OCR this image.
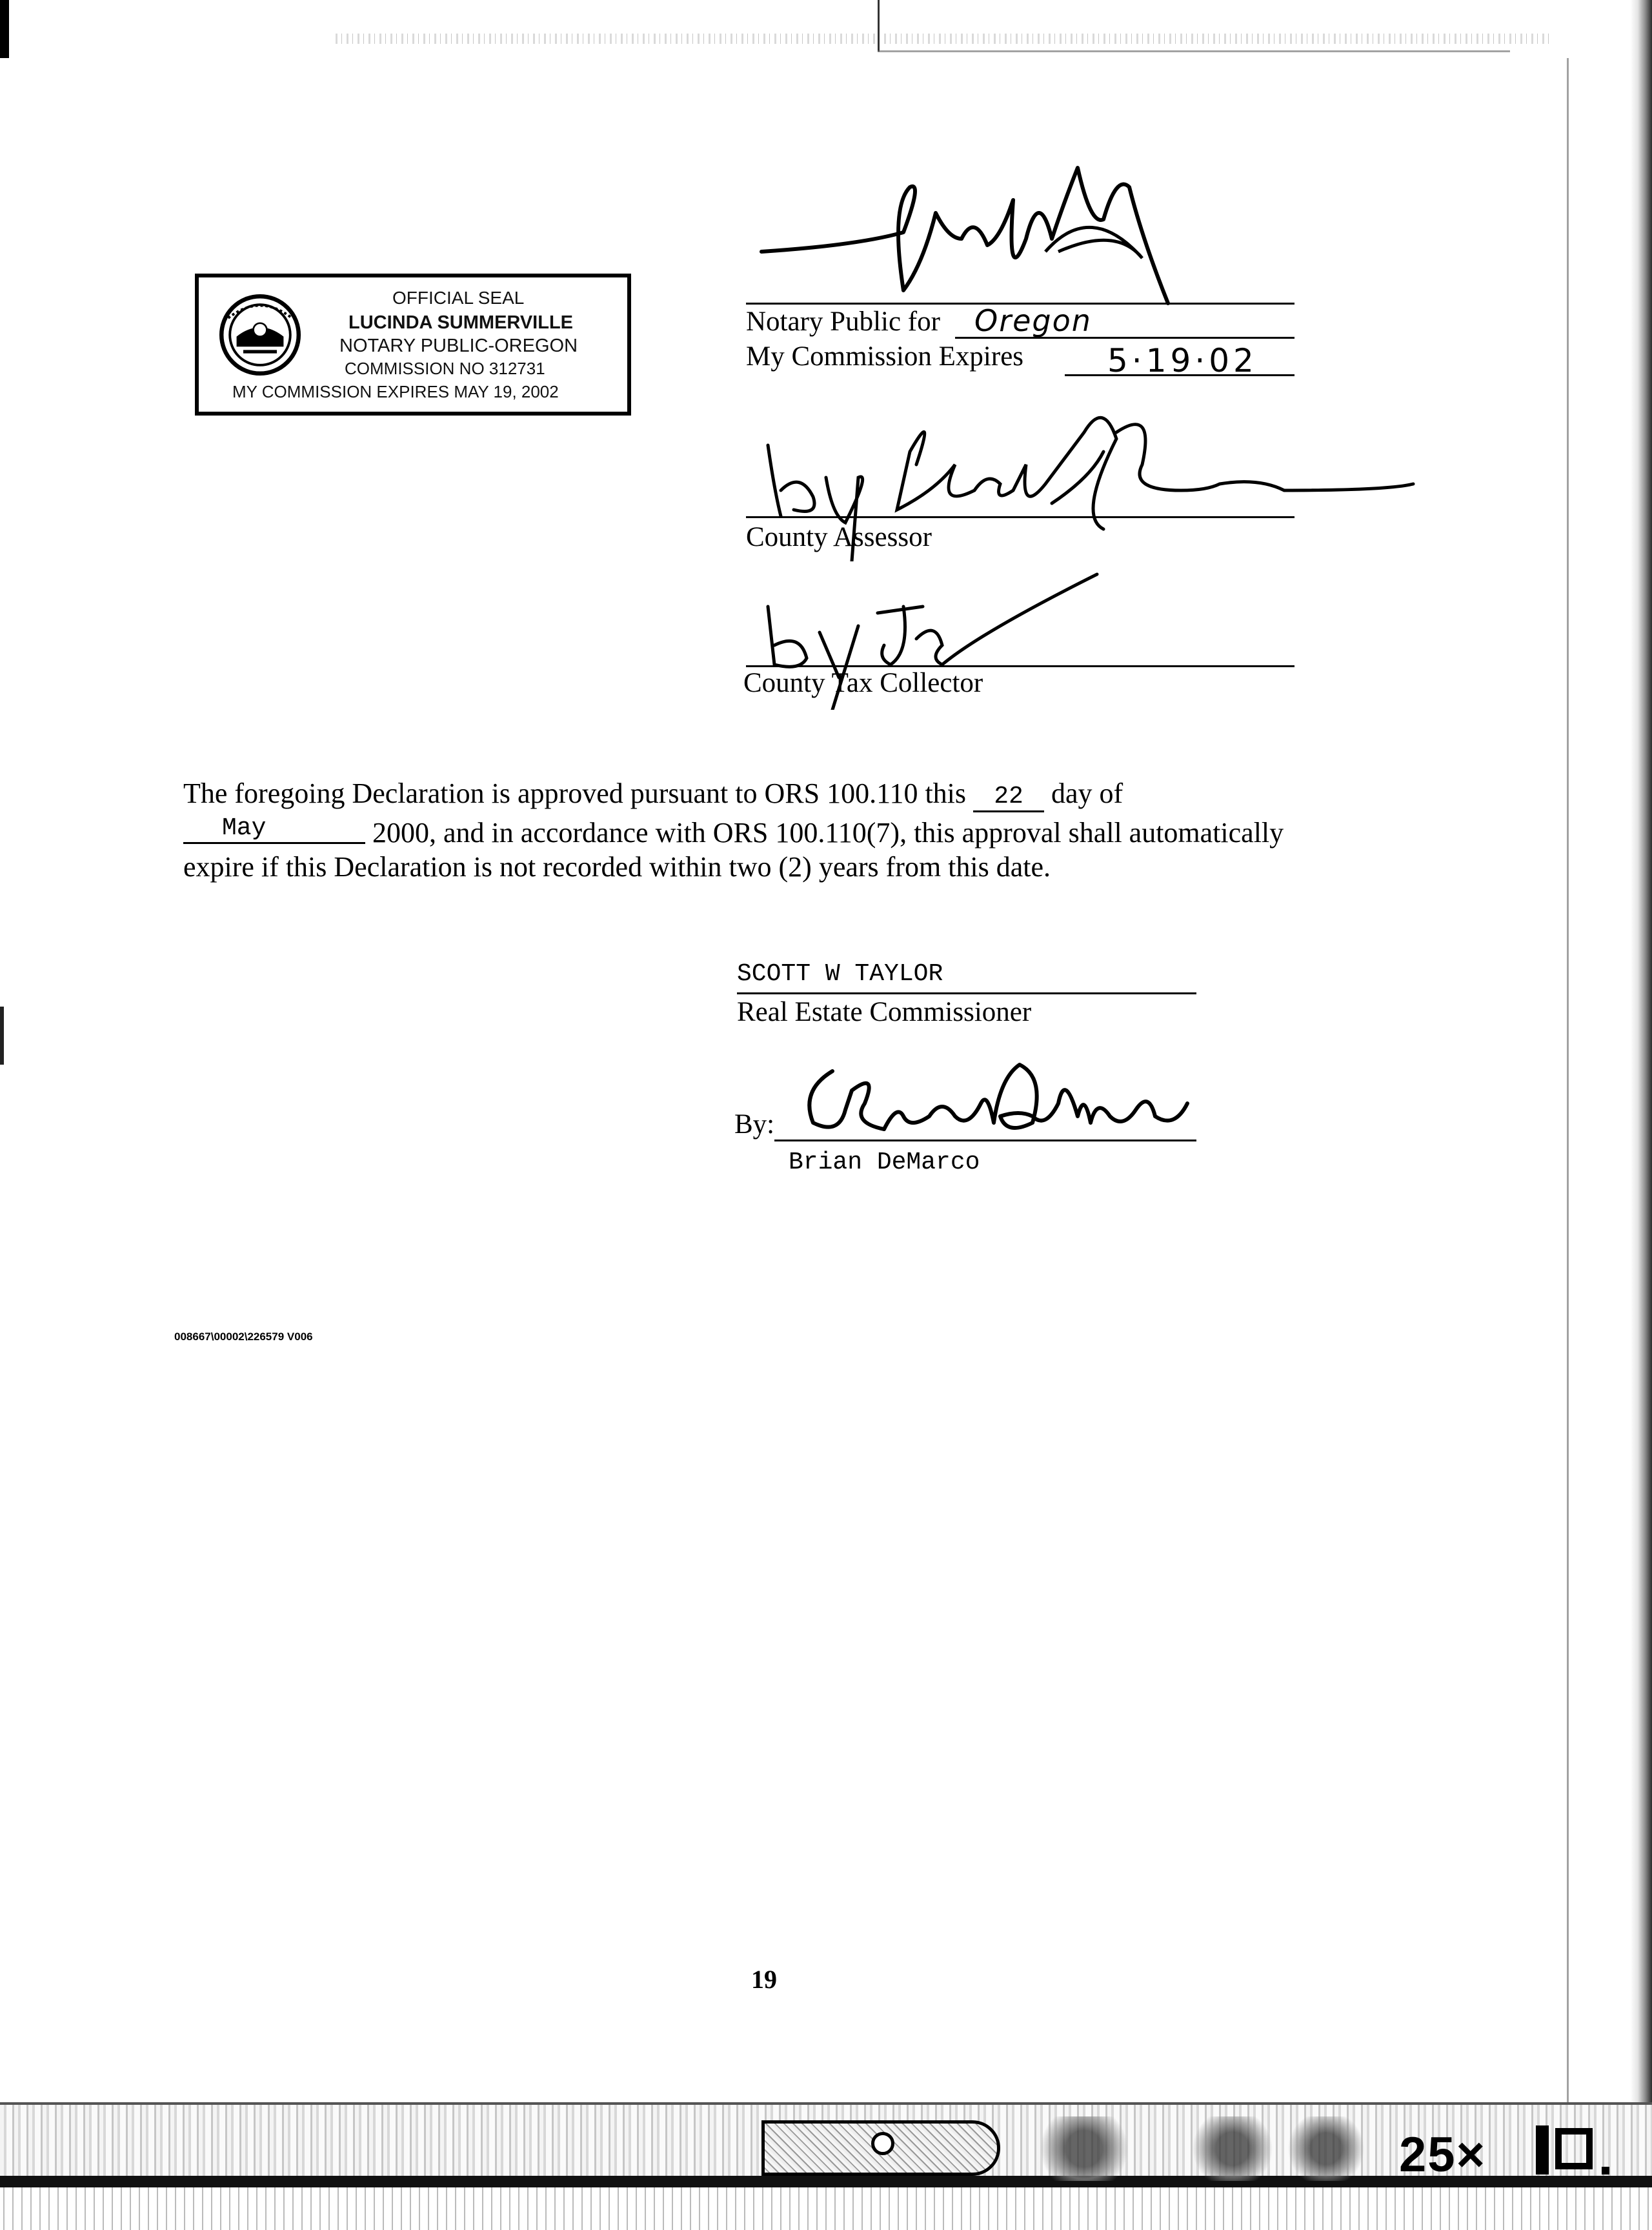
OFFICIAL SEAL
LUCINDA SUMMERVILLE
NOTARY PUBLIC-OREGON
COMMISSION NO 312731
MY COMMISSION EXPIRES MAY 19, 2002
Notary Public for Oregon
My Commission Expires	5·19·02
County Assessor
County Tax Collector
The foregoing Declaration is approved pursuant to ORS 100.110 this 22 day of
May	2000, and in accordance with ORS 100.110(7), this approval shall automatically
expire if this Declaration is not recorded within two (2) years from this date.
SCOTT W TAYLOR
Real Estate Commissioner
By:
Brian DeMarco
008667\00002\226579 V006
19
25×
